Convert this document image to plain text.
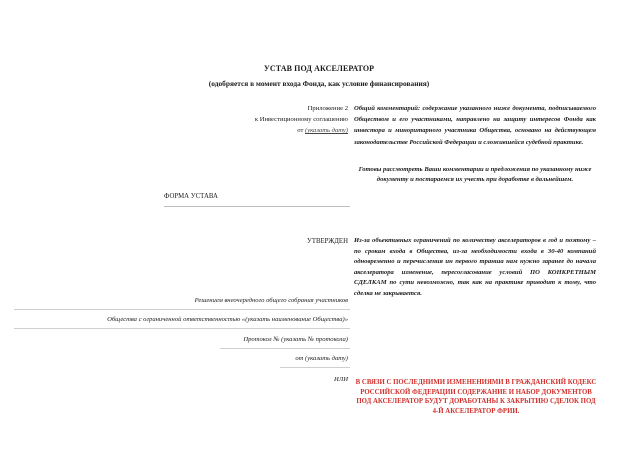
УСТАВ ПОД АКСЕЛЕРАТОР
(одобряется в момент входа Фонда, как условие финансирования)
Приложение 2
к Инвестиционному соглашению
от (указать дату)
Общий комментарий: содержание указанного ниже документа, подписываемого Обществом и его участниками, направлено на защиту интересов Фонда как инвестора и миноритарного участника Общества, основано на действующем законодательстве Российской Федерации и сложившейся судебной практике.
Готовы рассмотреть Ваши комментарии и предложения по указанному ниже документу и постараемся их учесть при доработке в дальнейшем.
ФОРМА УСТАВА
УТВЕРЖДЕН Из-за объективных ограничений по количеству акселераторов в год и поэтому – по срокам входа в Общества, из-за необходимости входа в 30-40 компаний одновременно и перечисления ин первого транша нам нужно заранее до начала акселератора изменение, пересогласование условий ПО КОНКРЕТНЫМ СДЕЛКАМ по сути невозможно, так как на практике приводит к тому, что сделка не закрывается.
Решением внеочередного общего собрания участников
Общества с ограниченной ответственностью «(указать наименование Общества)»
Протокол № (указать № протокола)
от (указать дату)
ИЛИ В СВЯЗИ С ПОСЛЕДНИМИ ИЗМЕНЕНИЯМИ В ГРАЖДАНСКИЙ КОДЕКС РОССИЙСКОЙ ФЕДЕРАЦИИ СОДЕРЖАНИЕ И НАБОР ДОКУМЕНТОВ ПОД АКСЕЛЕРАТОР БУДУТ ДОРАБОТАНЫ К ЗАКРЫТИЮ СДЕЛОК ПОД 4-Й АКСЕЛЕРАТОР ФРИИ.
